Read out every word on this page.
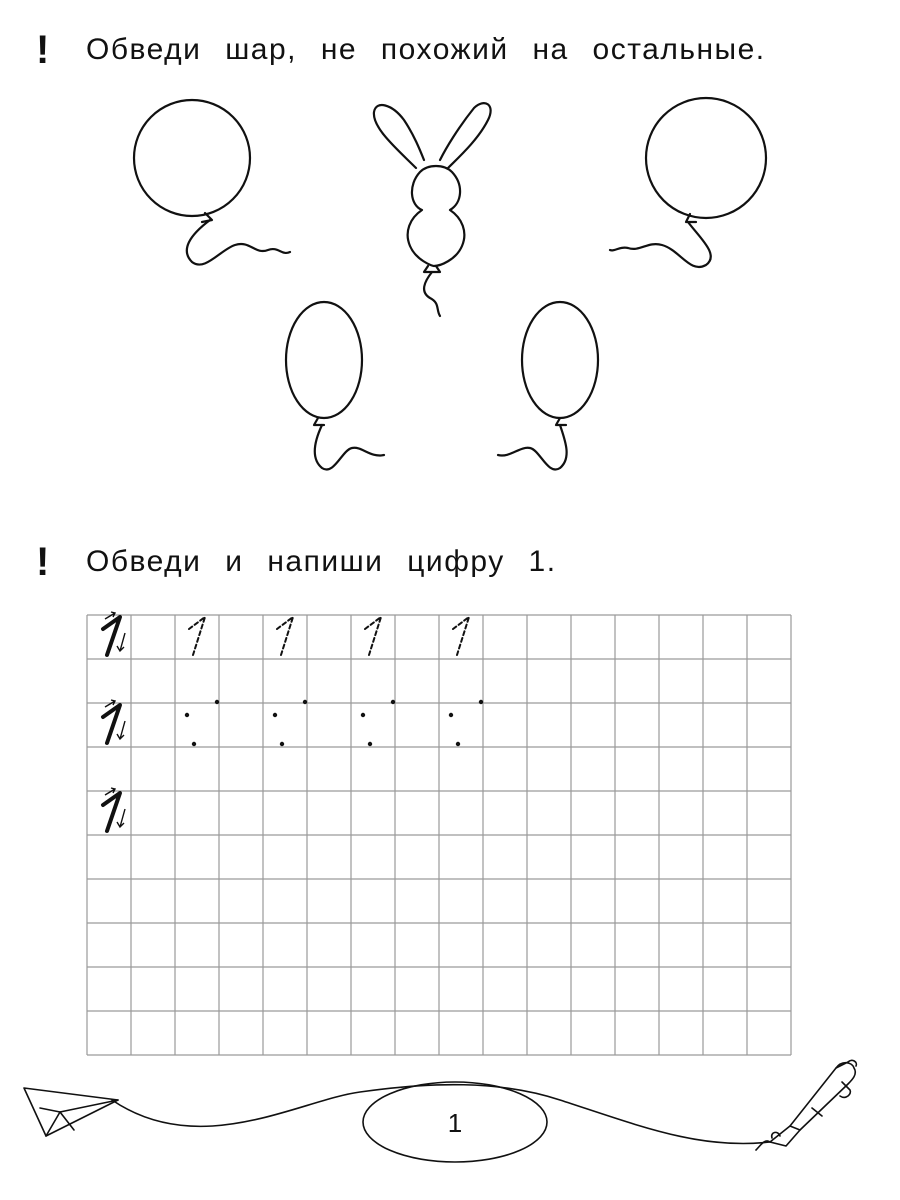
!	Обведи шар, не похожий на остальные.
!	Обведи и напиши цифру 1.
1
